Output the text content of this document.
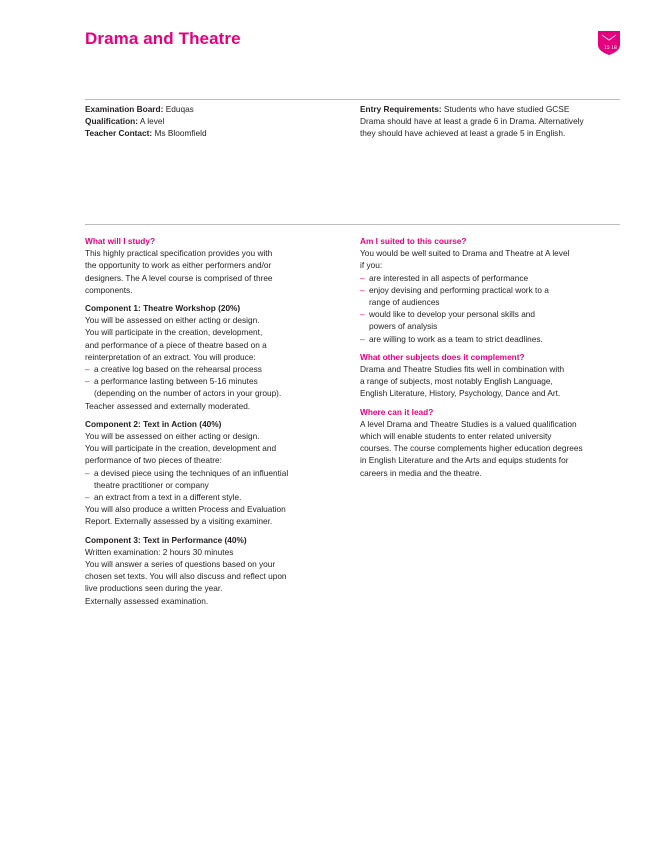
Drama and Theatre
15 18

Examination Board: Eduqas

Qualification: A level

Teacher Contact: Ms Bloomfield

Entry Requirements: Students who have studied GCSE

Drama should have at least a grade 6 in Drama. Alternatively

they should have achieved at least a grade 5 in English.

What will I study?

This highly practical specification provides you with

the opportunity to work as either performers and/or

designers. The A level course is comprised of three

components.

Component 1: Theatre Workshop (20%)

You will be assessed on either acting or design.

You will participate in the creation, development,

and performance of a piece of theatre based on a

reinterpretation of an extract. You will produce:

– a creative log based on the rehearsal process
– a performance lasting between 5-16 minutes
(depending on the number of actors in your group).

Teacher assessed and externally moderated.

Component 2: Text in Action (40%)

You will be assessed on either acting or design.

You will participate in the creation, development and

performance of two pieces of theatre:

– a devised piece using the techniques of an influential
theatre practitioner or company
– an extract from a text in a different style.

You will also produce a written Process and Evaluation

Report. Externally assessed by a visiting examiner.

Component 3: Text in Performance (40%)

Written examination: 2 hours 30 minutes

You will answer a series of questions based on your

chosen set texts. You will also discuss and reflect upon

live productions seen during the year.

Externally assessed examination.

Am I suited to this course?

You would be well suited to Drama and Theatre at A level

if you:

– are interested in all aspects of performance
– enjoy devising and performing practical work to a
range of audiences
– would like to develop your personal skills and
powers of analysis
– are willing to work as a team to strict deadlines.

What other subjects does it complement?

Drama and Theatre Studies fits well in combination with

a range of subjects, most notably English Language,

English Literature, History, Psychology, Dance and Art.

Where can it lead?

A level Drama and Theatre Studies is a valued qualification

which will enable students to enter related university

courses. The course complements higher education degrees

in English Literature and the Arts and equips students for

careers in media and the theatre.
